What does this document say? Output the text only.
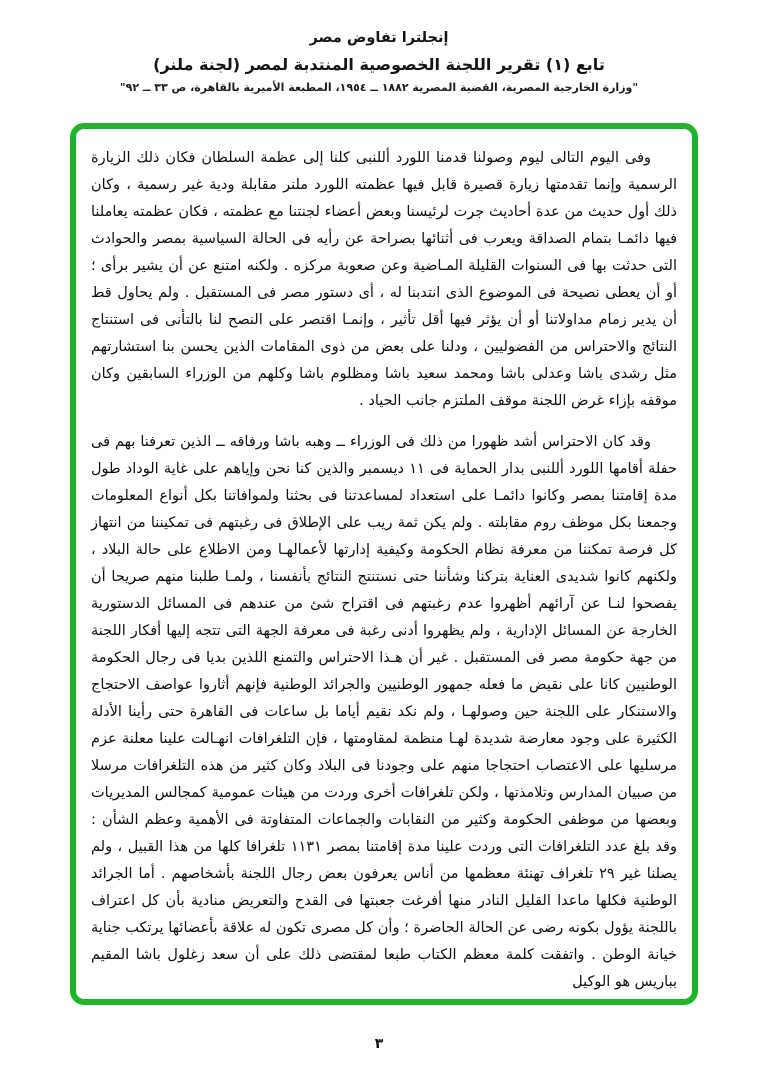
إنجلترا تفاوض مصر
تابع (١) تقرير اللجنة الخصوصية المنتدبة لمصر (لجنة ملنر)
"وزارة الخارجية المصرية، القضية المصرية ١٨٨٢ ــ ١٩٥٤، المطبعة الأميرية بالقاهرة، ص ٣٣ ــ ٩٢"

وفى اليوم التالى ليوم وصولنا قدمنا اللورد أللنبى كلنا إلى عظمة السلطان فكان ذلك الزيارة الرسمية وإنما تقدمتها زيارة قصيرة قابل فيها عظمته اللورد ملنر مقابلة ودية غير رسمية ، وكان ذلك أول حديث من عدة أحاديث جرت لرئيسنا وبعض أعضاء لجنتنا مع عظمته ، فكان عظمته يعاملنا فيها دائمـا بتمام الصداقة ويعرب فى أثنائها بصراحة عن رأيه فى الحالة السياسية بمصر والحوادث التى حدثت بها فى السنوات القليلة المـاضية وعن صعوبة مركزه . ولكنه امتنع عن أن يشير برأى ؛ أو أن يعطى نصيحة فى الموضوع الذى انتدبنا له ، أى دستور مصر فى المستقبل . ولم يحاول قط أن يدير زمام مداولاتنا أو أن يؤثر فيها أقل تأثير ، وإنمـا اقتصر على النصح لنا بالتأنى فى استنتاج النتائج والاحتراس من الفضوليين ، ودلنا على بعض من ذوى المقامات الذين يحسن بنا استشارتهم مثل رشدى باشا وعدلى باشا ومحمد سعيد باشا ومظلوم باشا وكلهم من الوزراء السابقين وكان موقفه بإزاء غرض اللجنة موقف الملتزم جانب الحياد .

وقد كان الاحتراس أشد ظهورا من ذلك فى الوزراء ــ وهبه باشا ورفاقه ــ الذين تعرفنا بهم فى حفلة أقامها اللورد أللنبى بدار الحماية فى ١١ ديسمبر والذين كنا نحن وإياهم على غاية الوداد طول مدة إقامتنا بمصر وكانوا دائمـا على استعداد لمساعدتنا فى بحثنا ولموافاتنا بكل أنواع المعلومات وجمعنا بكل موظف روم مقابلته . ولم يكن ثمة ريب على الإطلاق فى رغبتهم فى تمكيننا من انتهاز كل فرصة تمكننا من معرفة نظام الحكومة وكيفية إدارتها لأعمالهـا ومن الاطلاع على حالة البلاد ، ولكنهم كانوا شديدى العناية بتركنا وشأننا حتى نستنتج النتائج بأنفسنا ، ولمـا طلبنا منهم صريحا أن يفصحوا لنـا عن آرائهم أظهروا عدم رغبتهم فى اقتراح شئ من عندهم فى المسائل الدستورية الخارجة عن المسائل الإدارية ، ولم يظهروا أدنى رغبة فى معرفة الجهة التى تتجه إليها أفكار اللجنة من جهة حكومة مصر فى المستقبل . غير أن هـذا الاحتراس والتمنع اللذين بديا فى رجال الحكومة الوطنيين كانا على نقيض ما فعله جمهور الوطنيين والجرائد الوطنية فإنهم أثاروا عواصف الاحتجاج والاستنكار على اللجنة حين وصولهـا ، ولم نكد نقيم أياما بل ساعات فى القاهرة حتى رأينا الأدلة الكثيرة على وجود معارضة شديدة لهـا منظمة لمقاومتها ، فإن التلغرافات انهـالت علينا معلنة عزم مرسليها على الاعتصاب احتجاجا منهم على وجودنا فى البلاد وكان كثير من هذه التلغرافات مرسلا من صبيان المدارس وتلامذتها ، ولكن تلغرافات أخرى وردت من هيئات عمومية كمجالس المديريات وبعضها من موظفى الحكومة وكثير من النقابات والجماعات المتفاوتة فى الأهمية وعظم الشأن : وقد بلغ عدد التلغرافات التى وردت علينا مدة إقامتنا بمصر ١١٣١ تلغرافا كلها من هذا القبيل ، ولم يصلنا غير ٢٩ تلغراف تهنئة معظمها من أناس يعرفون بعض رجال اللجنة بأشخاصهم . أما الجرائد الوطنية فكلها ماعدا القليل النادر منها أفرغت جعبتها فى القدح والتعريض منادية بأن كل اعتراف باللجنة يؤول بكونه رضى عن الحالة الحاضرة ؛ وأن كل مصرى تكون له علاقة بأعضائها يرتكب جناية خيانة الوطن . واتفقت كلمة معظم الكتاب طبعا لمقتضى ذلك على أن سعد زغلول باشا المقيم بباريس هو الوكيل

٣
